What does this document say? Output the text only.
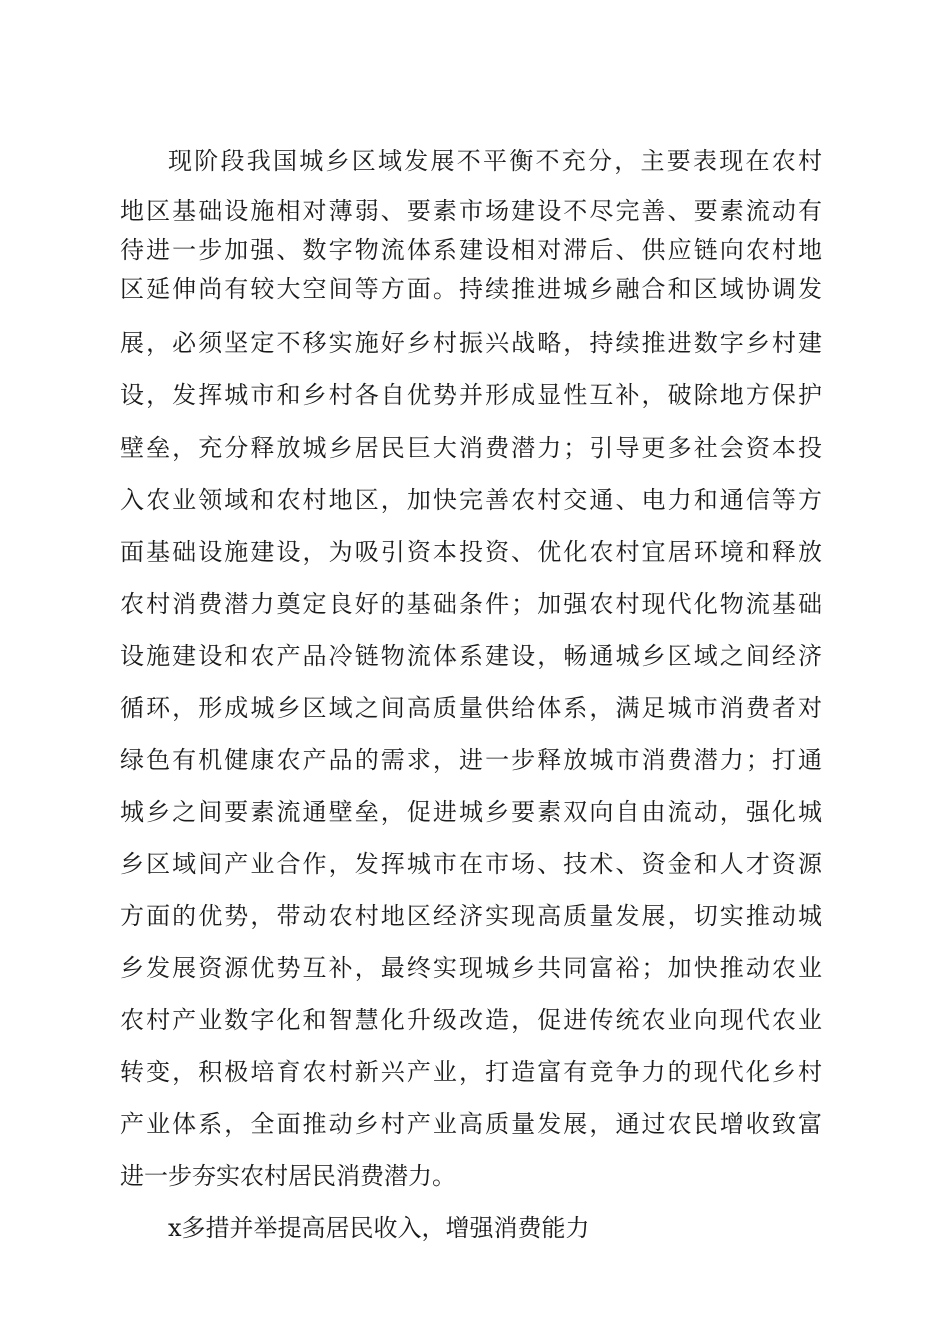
现阶段我国城乡区域发展不平衡不充分，主要表现在农村
地区基础设施相对薄弱、要素市场建设不尽完善、要素流动有
待进一步加强、数字物流体系建设相对滞后、供应链向农村地
区延伸尚有较大空间等方面。持续推进城乡融合和区域协调发
展，必须坚定不移实施好乡村振兴战略，持续推进数字乡村建
设，发挥城市和乡村各自优势并形成显性互补，破除地方保护
壁垒，充分释放城乡居民巨大消费潜力；引导更多社会资本投
入农业领域和农村地区，加快完善农村交通、电力和通信等方
面基础设施建设，为吸引资本投资、优化农村宜居环境和释放
农村消费潜力奠定良好的基础条件；加强农村现代化物流基础
设施建设和农产品冷链物流体系建设，畅通城乡区域之间经济
循环，形成城乡区域之间高质量供给体系，满足城市消费者对
绿色有机健康农产品的需求，进一步释放城市消费潜力；打通
城乡之间要素流通壁垒，促进城乡要素双向自由流动，强化城
乡区域间产业合作，发挥城市在市场、技术、资金和人才资源
方面的优势，带动农村地区经济实现高质量发展，切实推动城
乡发展资源优势互补，最终实现城乡共同富裕；加快推动农业
农村产业数字化和智慧化升级改造，促进传统农业向现代农业
转变，积极培育农村新兴产业，打造富有竞争力的现代化乡村
产业体系，全面推动乡村产业高质量发展，通过农民增收致富
进一步夯实农村居民消费潜力。
x多措并举提高居民收入，增强消费能力
